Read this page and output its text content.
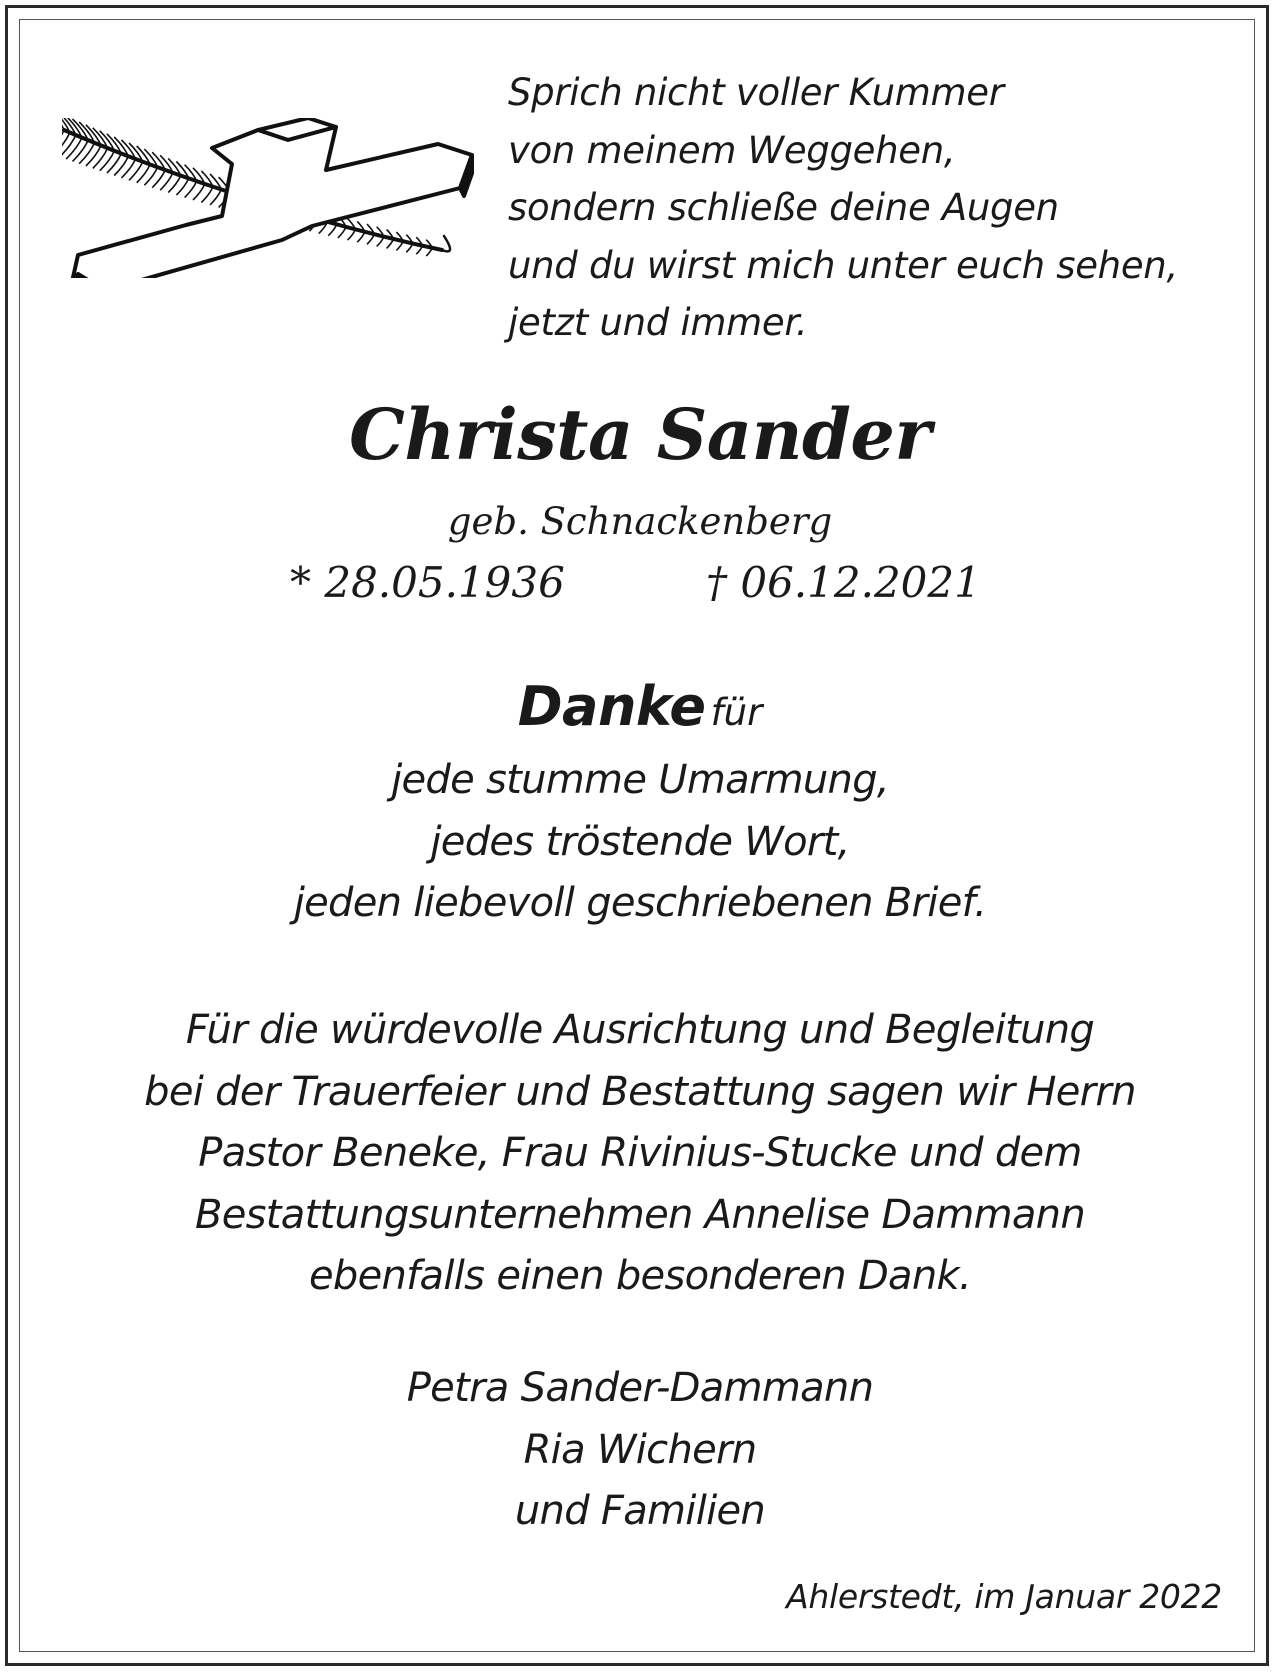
Sprich nicht voller Kummer
von meinem Weggehen,
sondern schließe deine Augen
und du wirst mich unter euch sehen,
jetzt und immer.
Christa Sander
geb. Schnackenberg
* 28.05.1936	† 06.12.2021
Danke für
jede stumme Umarmung,
jedes tröstende Wort,
jeden liebevoll geschriebenen Brief.
Für die würdevolle Ausrichtung und Begleitung
bei der Trauerfeier und Bestattung sagen wir Herrn
Pastor Beneke, Frau Rivinius-Stucke und dem
Bestattungsunternehmen Annelise Dammann
ebenfalls einen besonderen Dank.
Petra Sander-Dammann
Ria Wichern
und Familien
Ahlerstedt, im Januar 2022
